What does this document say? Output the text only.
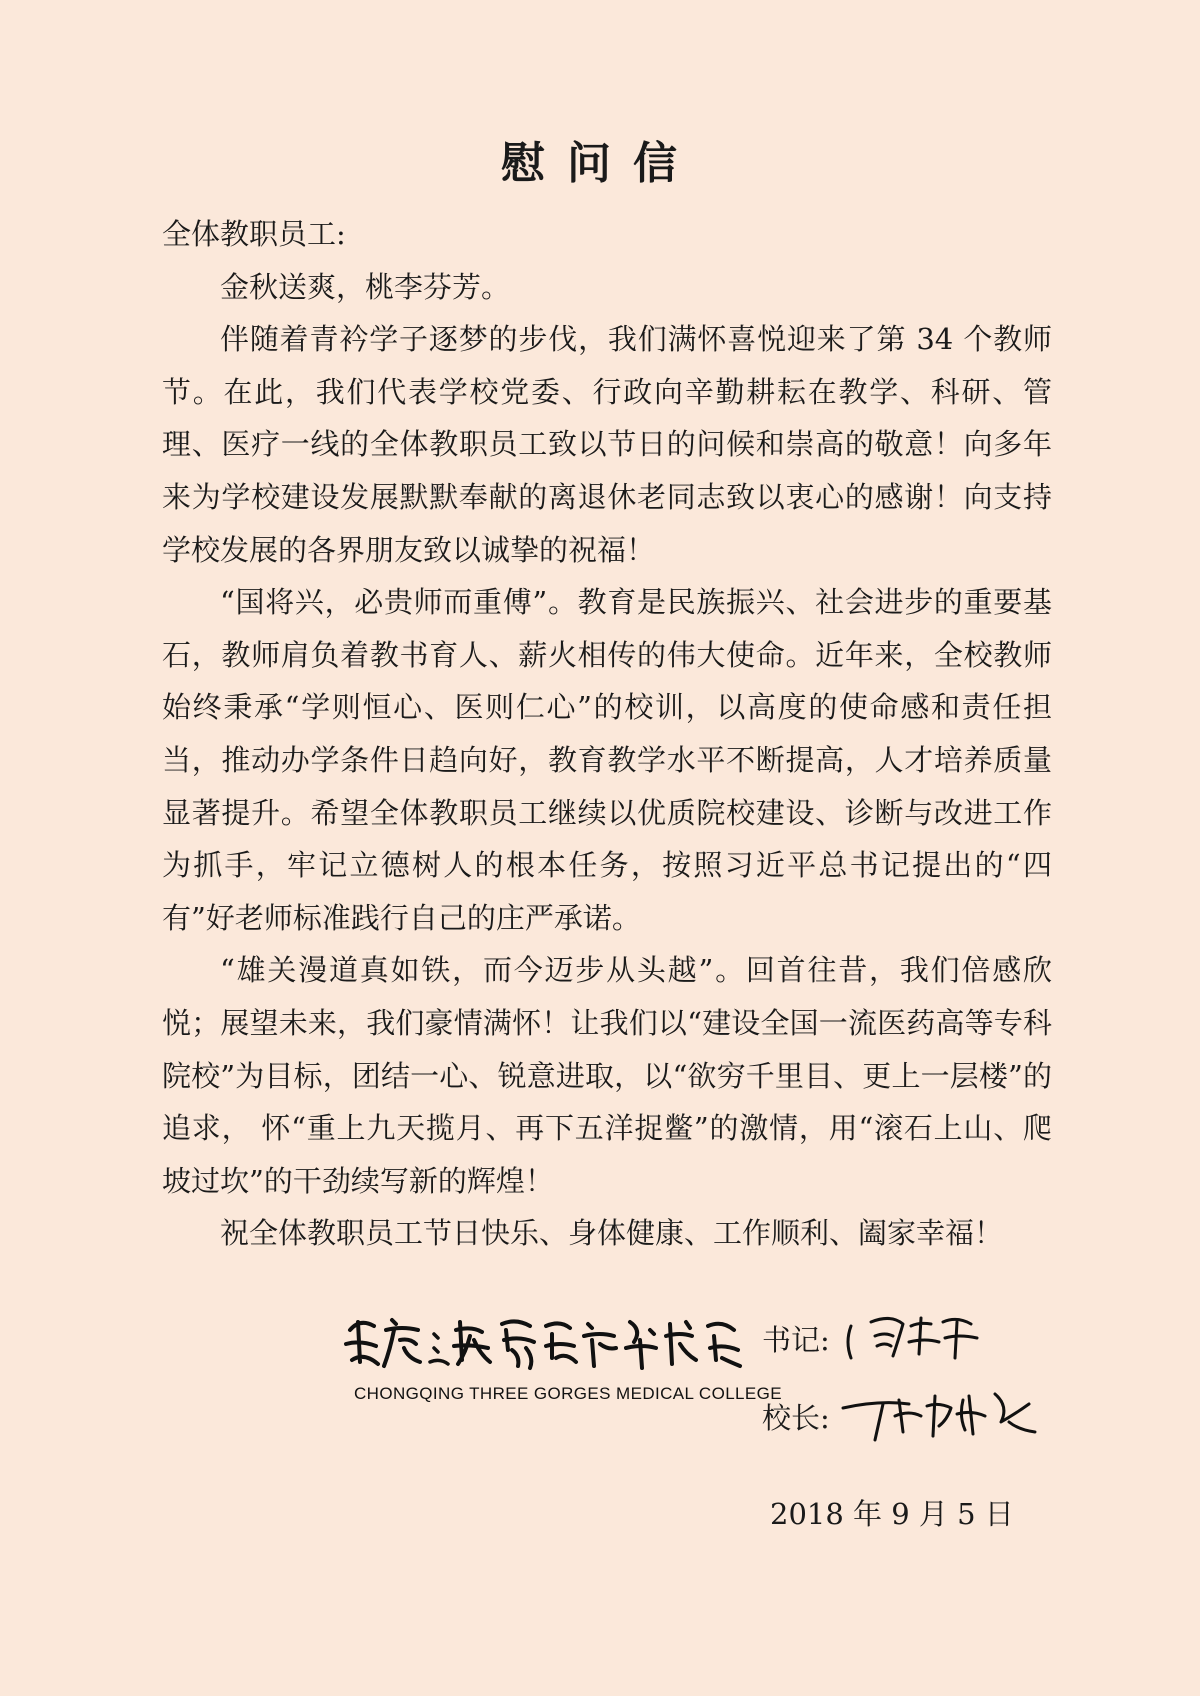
慰问信

全体教职员工:

金秋送爽，桃李芬芳。

伴随着青衿学子逐梦的步伐，我们满怀喜悦迎来了第 34 个教师节。在此，我们代表学校党委、行政向辛勤耕耘在教学、科研、管理、医疗一线的全体教职员工致以节日的问候和崇高的敬意！向多年来为学校建设发展默默奉献的离退休老同志致以衷心的感谢！向支持学校发展的各界朋友致以诚挚的祝福！

“国将兴，必贵师而重傅”。教育是民族振兴、社会进步的重要基石，教师肩负着教书育人、薪火相传的伟大使命。近年来，全校教师始终秉承“学则恒心、医则仁心”的校训，以高度的使命感和责任担当，推动办学条件日趋向好，教育教学水平不断提高，人才培养质量显著提升。希望全体教职员工继续以优质院校建设、诊断与改进工作为抓手，牢记立德树人的根本任务，按照习近平总书记提出的“四有”好老师标准践行自己的庄严承诺。

“雄关漫道真如铁，而今迈步从头越”。回首往昔，我们倍感欣悦；展望未来，我们豪情满怀！让我们以“建设全国一流医药高等专科院校”为目标，团结一心、锐意进取，以“欲穷千里目、更上一层楼”的追求， 怀“重上九天揽月、再下五洋捉鳖”的激情，用“滚石上山、爬坡过坎”的干劲续写新的辉煌！

祝全体教职员工节日快乐、身体健康、工作顺利、阖家幸福！

CHONGQING THREE GORGES MEDICAL COLLEGE
书记:
校长:
2018 年 9 月 5 日
